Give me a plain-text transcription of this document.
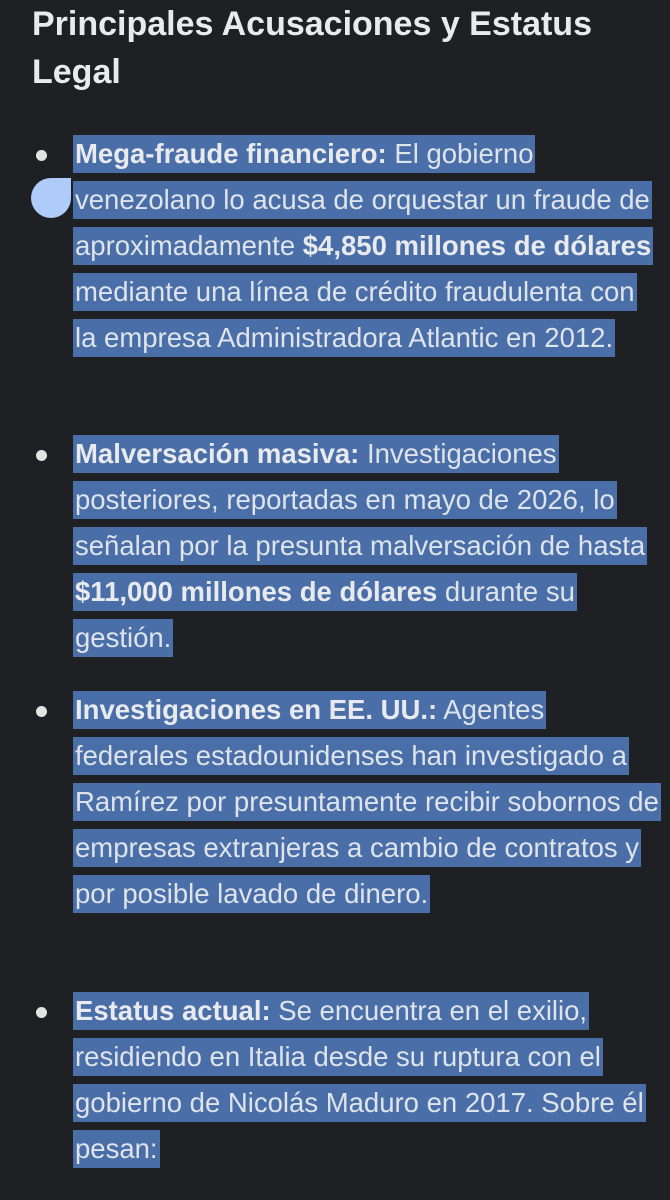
Principales Acusaciones y Estatus Legal

Mega-fraude financiero: El gobierno venezolano lo acusa de orquestar un fraude de aproximadamente $4,850 millones de dólares mediante una línea de crédito fraudulenta con la empresa Administradora Atlantic en 2012.

Malversación masiva: Investigaciones posteriores, reportadas en mayo de 2026, lo señalan por la presunta malversación de hasta $11,000 millones de dólares durante su gestión.

Investigaciones en EE. UU.: Agentes federales estadounidenses han investigado a Ramírez por presuntamente recibir sobornos de empresas extranjeras a cambio de contratos y por posible lavado de dinero.

Estatus actual: Se encuentra en el exilio, residiendo en Italia desde su ruptura con el gobierno de Nicolás Maduro en 2017. Sobre él pesan:
